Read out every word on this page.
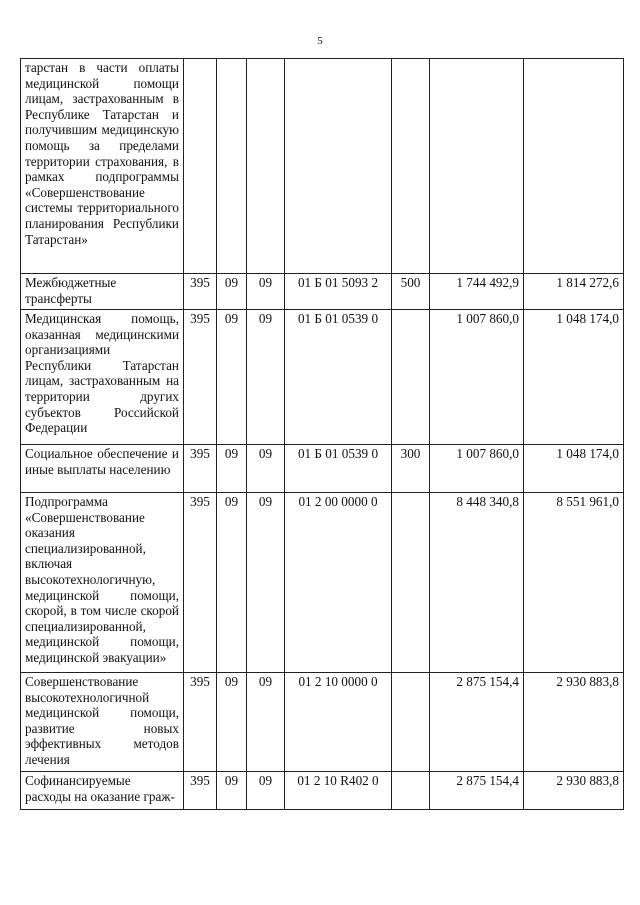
5
тарстан в части оплаты медицинской помощи лицам, застрахованным в Республике Татарстан и получившим медицинскую помощь за пределами территории страхования, в рамках подпрограммы «Совершенствование системы территориального планирования Республики Татарстан»							
Межбюджетные трансферты	395	09	09	01 Б 01 5093 2	500	1 744 492,9	1 814 272,6
Медицинская помощь, оказанная медицинскими организациями Республики Татарстан лицам, застрахованным на территории других субъектов Российской Федерации	395	09	09	01 Б 01 0539 0		1 007 860,0	1 048 174,0
Социальное обеспечение и иные выплаты населению	395	09	09	01 Б 01 0539 0	300	1 007 860,0	1 048 174,0
Подпрограмма «Совершенствование оказания специализированной, включая высокотехнологичную, медицинской помощи, скорой, в том числе скорой специализированной, медицинской помощи, медицинской эвакуации»	395	09	09	01 2 00 0000 0		8 448 340,8	8 551 961,0
Совершенствование высокотехнологичной медицинской помощи, развитие новых эффективных методов лечения	395	09	09	01 2 10 0000 0		2 875 154,4	2 930 883,8
Софинансируемые расходы на оказание граж-	395	09	09	01 2 10 R402 0		2 875 154,4	2 930 883,8
